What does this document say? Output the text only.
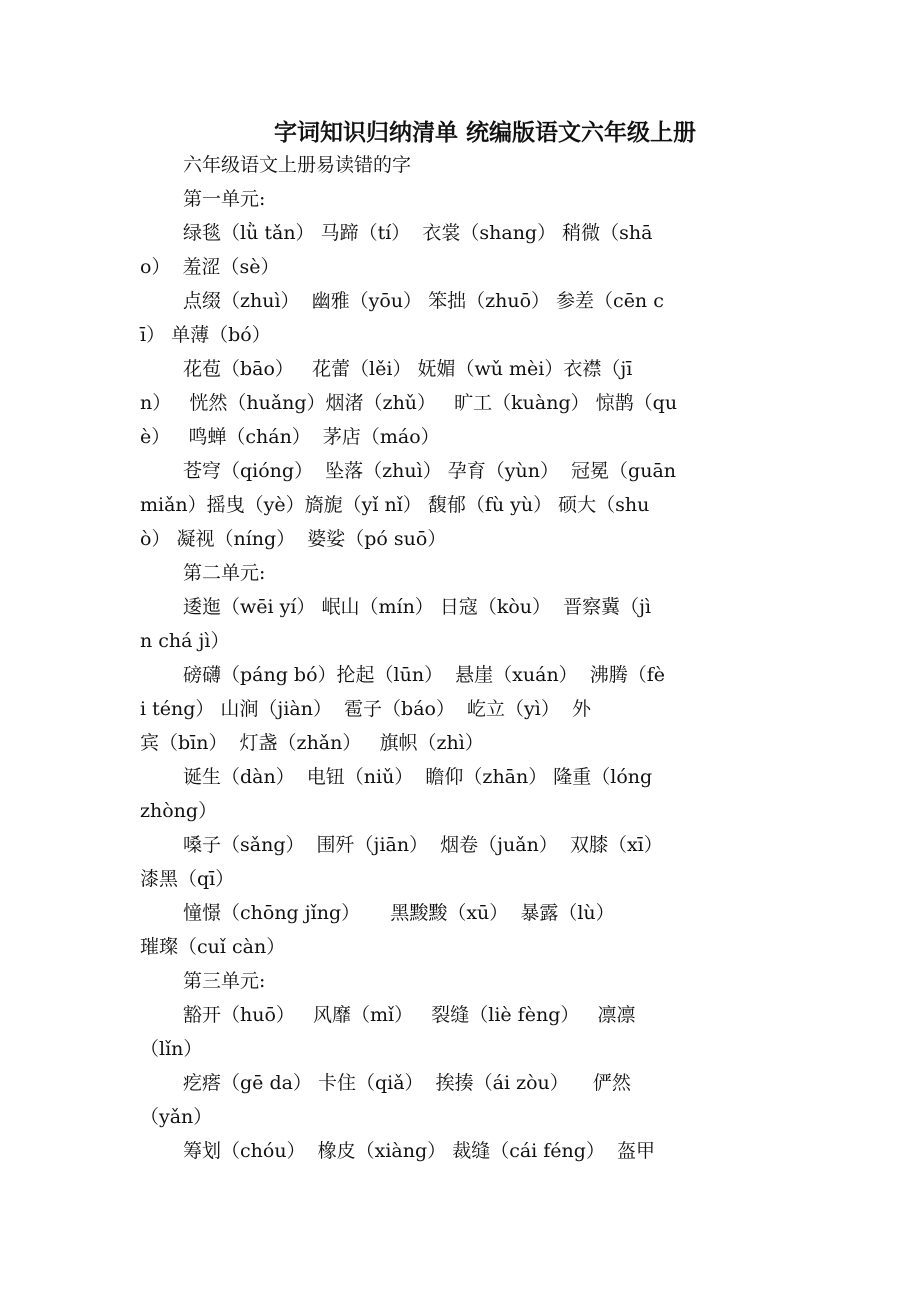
字词知识归纳清单 统编版语文六年级上册
六年级语文上册易读错的字
第一单元:
绿毯（lǜ tǎn） 马蹄（tí）  衣裳（shang） 稍微（shā
o）  羞涩（sè）
点缀（zhuì）  幽雅（yōu） 笨拙（zhuō） 参差（cēn c
ī） 单薄（bó）
花苞（bāo）   花蕾（lěi） 妩媚（wǔ mèi）衣襟（jī
n）   恍然（huǎng）烟渚（zhǔ）   旷工（kuàng） 惊鹊（qu
è）   鸣蝉（chán）  茅店（máo）
苍穹（qióng）  坠落（zhuì） 孕育（yùn）  冠冕（guān
miǎn）摇曳（yè）旖旎（yǐ nǐ） 馥郁（fù yù） 硕大（shu
ò） 凝视（níng）  婆娑（pó suō）
第二单元:
逶迤（wēi yí） 岷山（mín） 日寇（kòu）  晋察冀（jì
n chá jì）
磅礴（páng bó）抡起（lūn）  悬崖（xuán）  沸腾（fè
i téng） 山涧（jiàn）  雹子（báo）  屹立（yì）  外
宾（bīn）  灯盏（zhǎn）   旗帜（zhì）
诞生（dàn）  电钮（niǔ）  瞻仰（zhān） 隆重（lóng
zhòng）
嗓子（sǎng）  围歼（jiān）  烟卷（juǎn）  双膝（xī）
漆黑（qī）
憧憬（chōng jǐng）     黑黢黢（xū）  暴露（lù）
璀璨（cuǐ càn）
第三单元:
豁开（huō）   风靡（mǐ）   裂缝（liè fèng）   凛凛
（lǐn）
疙瘩（gē da） 卡住（qiǎ）  挨揍（ái zòu）    俨然
（yǎn）
筹划（chóu）  橡皮（xiàng） 裁缝（cái féng）  盔甲
